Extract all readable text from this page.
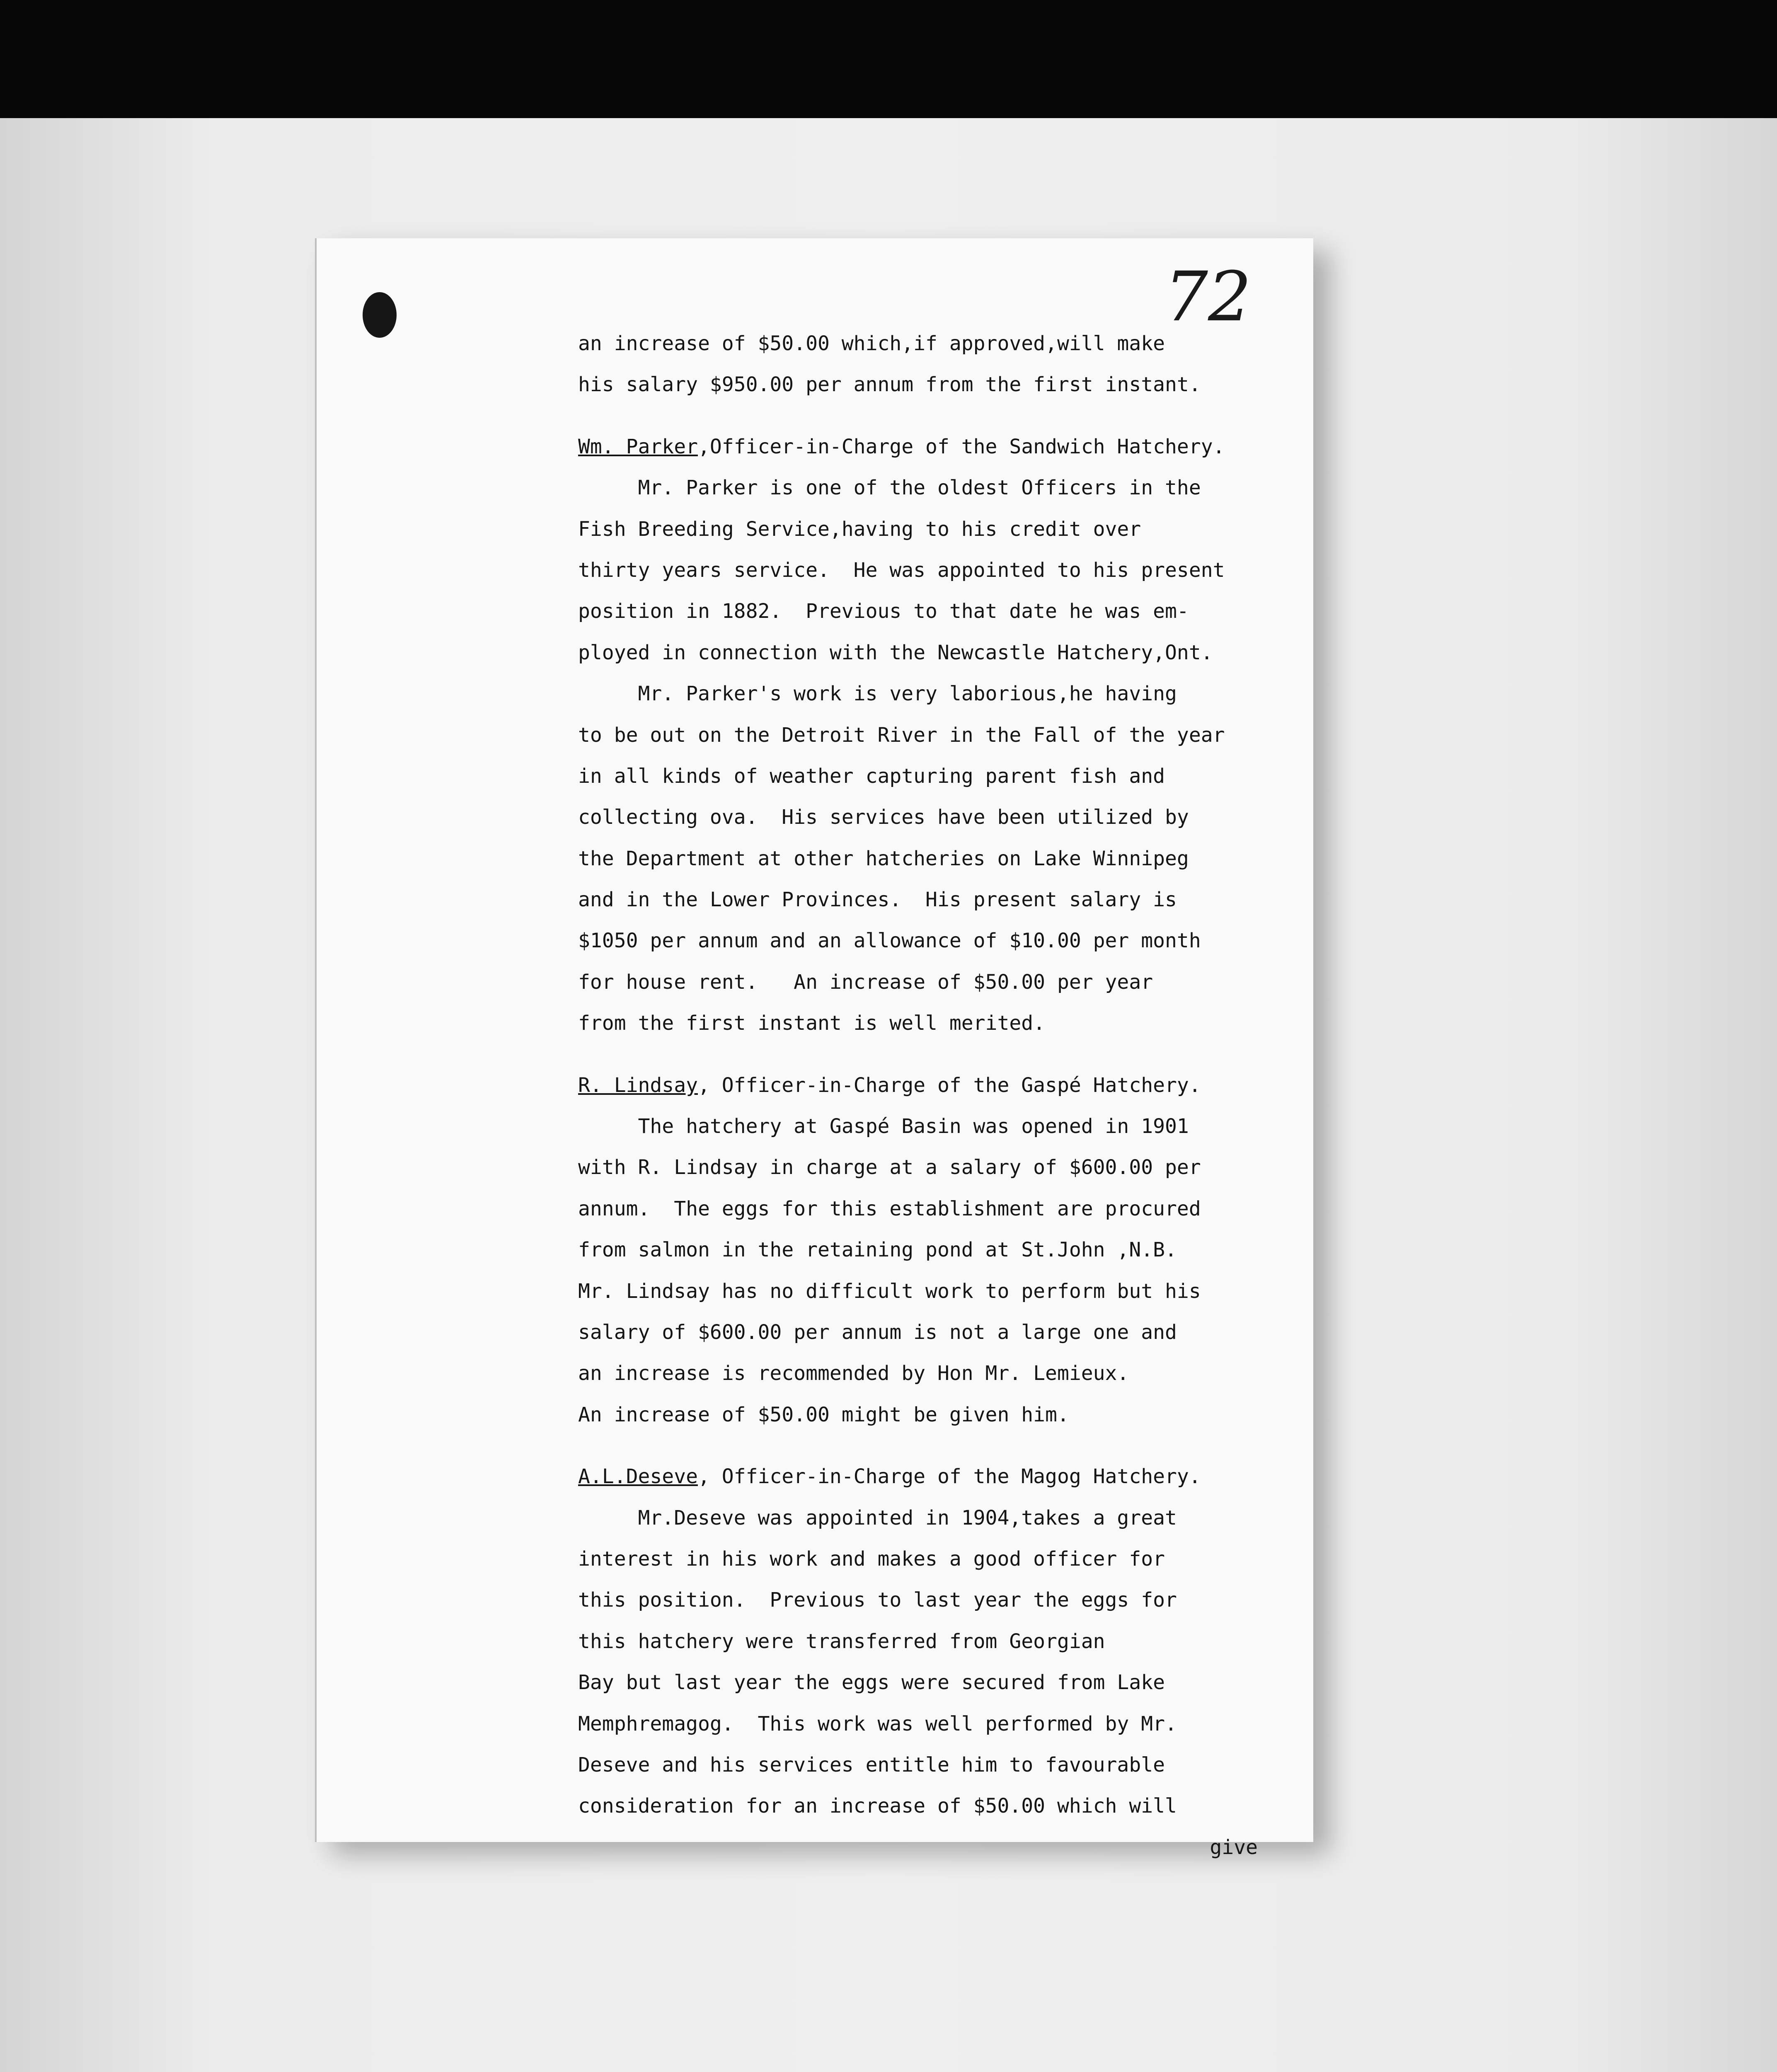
72
an increase of $50.00 which,if approved,will make
his salary $950.00 per annum from the first instant.
Wm. Parker,Officer-in-Charge of the Sandwich Hatchery.
Mr. Parker is one of the oldest Officers in the
Fish Breeding Service,having to his credit over
thirty years service.  He was appointed to his present
position in 1882.  Previous to that date he was em-
ployed in connection with the Newcastle Hatchery,Ont.
Mr. Parker's work is very laborious,he having
to be out on the Detroit River in the Fall of the year
in all kinds of weather capturing parent fish and
collecting ova.  His services have been utilized by
the Department at other hatcheries on Lake Winnipeg
and in the Lower Provinces.  His present salary is
$1050 per annum and an allowance of $10.00 per month
for house rent.   An increase of $50.00 per year
from the first instant is well merited.
R. Lindsay, Officer-in-Charge of the Gaspé Hatchery.
The hatchery at Gaspé Basin was opened in 1901
with R. Lindsay in charge at a salary of $600.00 per
annum.  The eggs for this establishment are procured
from salmon in the retaining pond at St.John ,N.B.
Mr. Lindsay has no difficult work to perform but his
salary of $600.00 per annum is not a large one and
an increase is recommended by Hon Mr. Lemieux.
An increase of $50.00 might be given him.
A.L.Deseve, Officer-in-Charge of the Magog Hatchery.
Mr.Deseve was appointed in 1904,takes a great
interest in his work and makes a good officer for
this position.  Previous to last year the eggs for
this hatchery were transferred from Georgian
Bay but last year the eggs were secured from Lake
Memphremagog.  This work was well performed by Mr.
Deseve and his services entitle him to favourable
consideration for an increase of $50.00 which will
give
